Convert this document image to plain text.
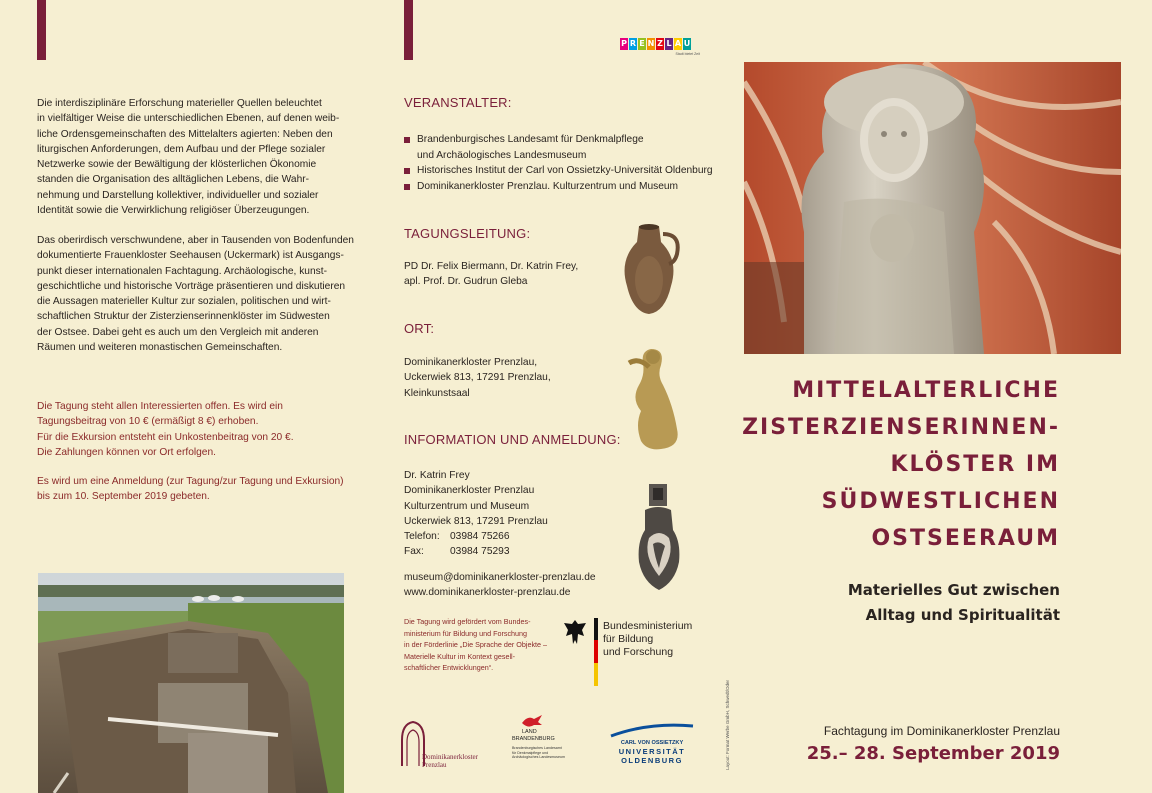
Die interdisziplinäre Erforschung materieller Quellen beleuchtet
in vielfältiger Weise die unterschiedlichen Ebenen, auf denen weib-
liche Ordensgemeinschaften des Mittelalters agierten: Neben den
liturgischen Anforderungen, dem Aufbau und der Pflege sozialer
Netzwerke sowie der Bewältigung der klösterlichen Ökonomie
standen die Organisation des alltäglichen Lebens, die Wahr-
nehmung und Darstellung kollektiver, individueller und sozialer
Identität sowie die Verwirklichung religiöser Überzeugungen.
Das oberirdisch verschwundene, aber in Tausenden von Bodenfunden
dokumentierte Frauenkloster Seehausen (Uckermark) ist Ausgangs-
punkt dieser internationalen Fachtagung. Archäologische, kunst-
geschichtliche und historische Vorträge präsentieren und diskutieren
die Aussagen materieller Kultur zur sozialen, politischen und wirt-
schaftlichen Struktur der Zisterzienserinnenklöster im Südwesten
der Ostsee. Dabei geht es auch um den Vergleich mit anderen
Räumen und weiteren monastischen Gemeinschaften.
Die Tagung steht allen Interessierten offen. Es wird ein
Tagungsbeitrag von 10 € (ermäßigt 8 €) erhoben.
Für die Exkursion entsteht ein Unkostenbeitrag von 20 €.
Die Zahlungen können vor Ort erfolgen.
Es wird um eine Anmeldung (zur Tagung/zur Tagung und Exkursion)
bis zum 10. September 2019 gebeten.
P R E N Z L A U
Stadt bietet Zeit
VERANSTALTER:
Brandenburgisches Landesamt für Denkmalpflege
und Archäologisches Landesmuseum
Historisches Institut der Carl von Ossietzky-Universität Oldenburg
Dominikanerkloster Prenzlau. Kulturzentrum und Museum
TAGUNGSLEITUNG:
PD Dr. Felix Biermann, Dr. Katrin Frey,
apl. Prof. Dr. Gudrun Gleba
ORT:
Dominikanerkloster Prenzlau,
Uckerwiek 813, 17291 Prenzlau,
Kleinkunstsaal
INFORMATION UND ANMELDUNG:
Dr. Katrin Frey
Dominikanerkloster Prenzlau
Kulturzentrum und Museum
Uckerwiek 813, 17291 Prenzlau
Telefon: 03984 75266
Fax:	03984 75293
museum@dominikanerkloster-prenzlau.de
www.dominikanerkloster-prenzlau.de
Die Tagung wird gefördert vom Bundes-
ministerium für Bildung und Forschung
in der Förderlinie „Die Sprache der Objekte –
Materielle Kultur im Kontext gesell-
schaftlicher Entwicklungen“.
Bundesministerium
für Bildung
und Forschung
Layout: Format Werbe GmbH, Schwedt/Oder
Dominikanerkloster
Prenzlau
LAND
BRANDENBURG
Brandenburgisches Landesamt
für Denkmalpflege und
Archäologisches Landesmuseum
CARL VON OSSIETZKY
UNIVERSITÄT
OLDENBURG
MITTELALTERLICHE
ZISTERZIENSERINNEN-
KLÖSTER IM
SÜDWESTLICHEN
OSTSEERAUM
Materielles Gut zwischen
Alltag und Spiritualität
Fachtagung im Dominikanerkloster Prenzlau
25.– 28. September 2019
